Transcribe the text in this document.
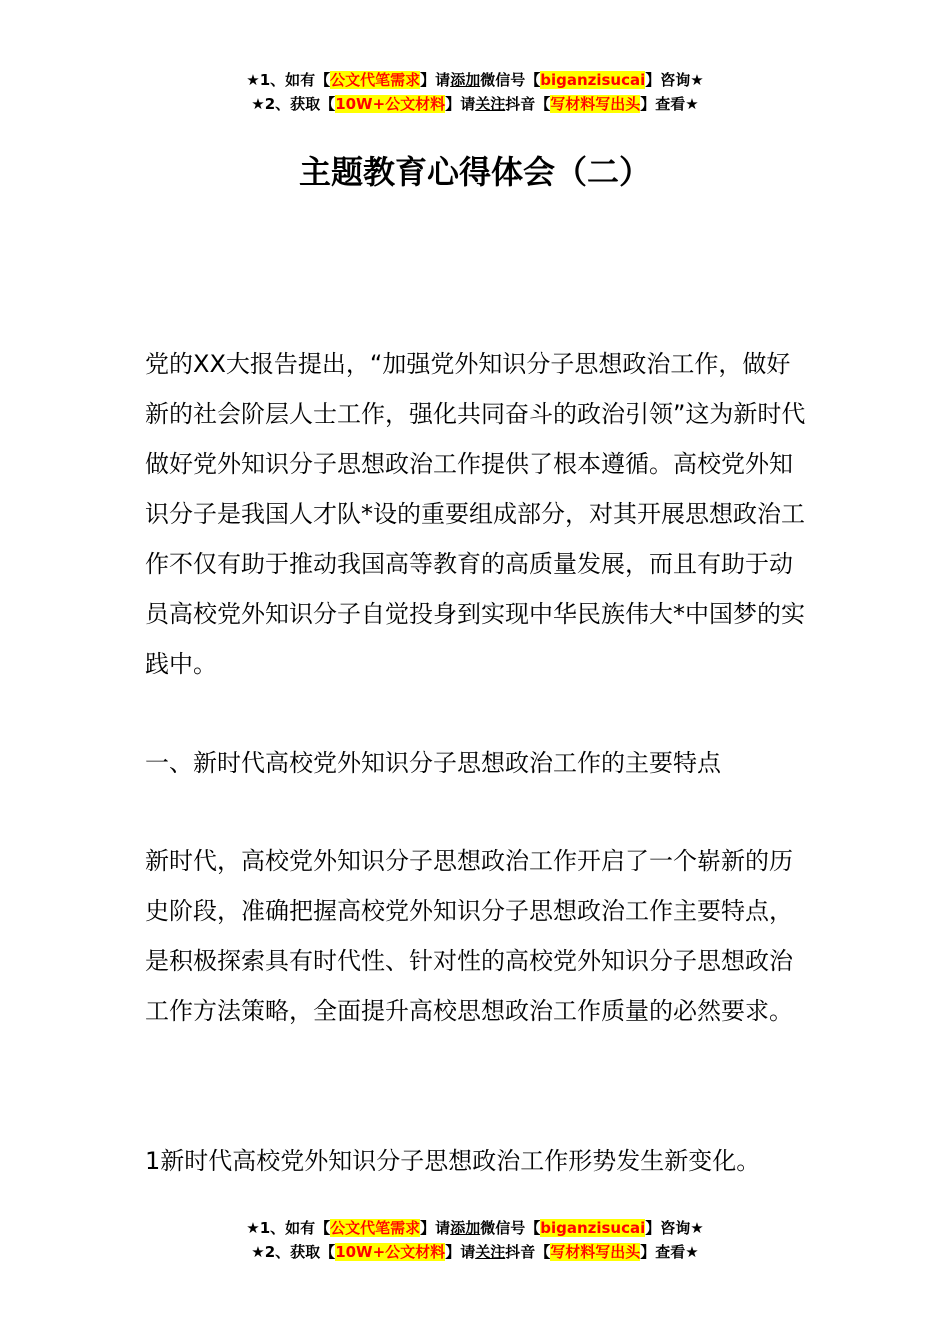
★1、如有【公文代笔需求】请添加微信号【biganzisucai】咨询★
★2、获取【10W+公文材料】请关注抖音【写材料写出头】查看★
主题教育心得体会（二）

党的XX大报告提出，“加强党外知识分子思想政治工作，做好新的社会阶层人士工作，强化共同奋斗的政治引领”这为新时代做好党外知识分子思想政治工作提供了根本遵循。高校党外知识分子是我国人才队*设的重要组成部分，对其开展思想政治工作不仅有助于推动我国高等教育的高质量发展，而且有助于动员高校党外知识分子自觉投身到实现中华民族伟大*中国梦的实践中。

一、新时代高校党外知识分子思想政治工作的主要特点

新时代，高校党外知识分子思想政治工作开启了一个崭新的历史阶段，准确把握高校党外知识分子思想政治工作主要特点，是积极探索具有时代性、针对性的高校党外知识分子思想政治工作方法策略，全面提升高校思想政治工作质量的必然要求。

1新时代高校党外知识分子思想政治工作形势发生新变化。

★1、如有【公文代笔需求】请添加微信号【biganzisucai】咨询★
★2、获取【10W+公文材料】请关注抖音【写材料写出头】查看★
